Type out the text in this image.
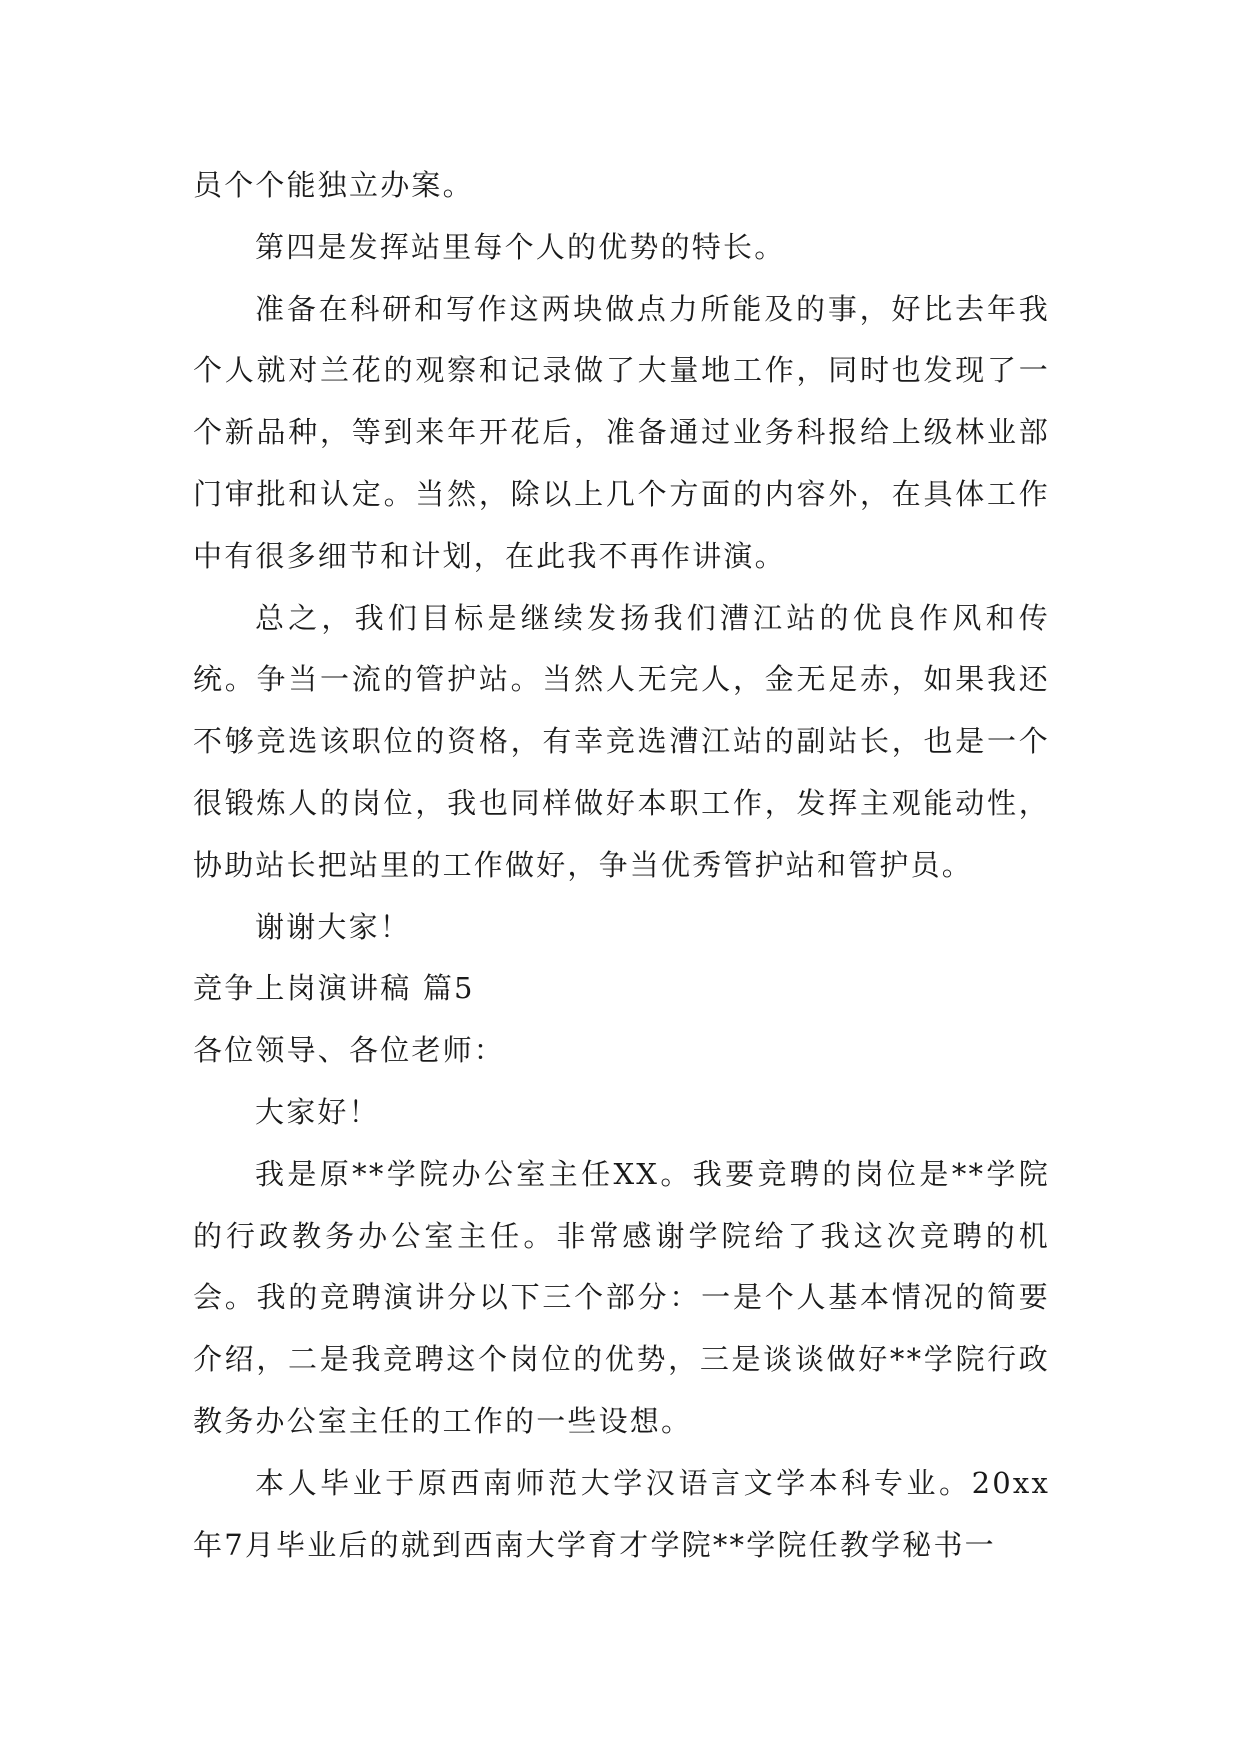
员个个能独立办案。

第四是发挥站里每个人的优势的特长。

准备在科研和写作这两块做点力所能及的事，好比去年我个人就对兰花的观察和记录做了大量地工作，同时也发现了一个新品种，等到来年开花后，准备通过业务科报给上级林业部门审批和认定。当然，除以上几个方面的内容外，在具体工作中有很多细节和计划，在此我不再作讲演。

总之，我们目标是继续发扬我们漕江站的优良作风和传统。争当一流的管护站。当然人无完人，金无足赤，如果我还不够竞选该职位的资格，有幸竞选漕江站的副站长，也是一个很锻炼人的岗位，我也同样做好本职工作，发挥主观能动性，协助站长把站里的工作做好，争当优秀管护站和管护员。

谢谢大家！

竞争上岗演讲稿 篇5

各位领导、各位老师：

大家好！

我是原**学院办公室主任XX。我要竞聘的岗位是**学院的行政教务办公室主任。非常感谢学院给了我这次竞聘的机会。我的竞聘演讲分以下三个部分：一是个人基本情况的简要介绍，二是我竞聘这个岗位的优势，三是谈谈做好**学院行政教务办公室主任的工作的一些设想。

本人毕业于原西南师范大学汉语言文学本科专业。20xx年7月毕业后的就到西南大学育才学院**学院任教学秘书一
